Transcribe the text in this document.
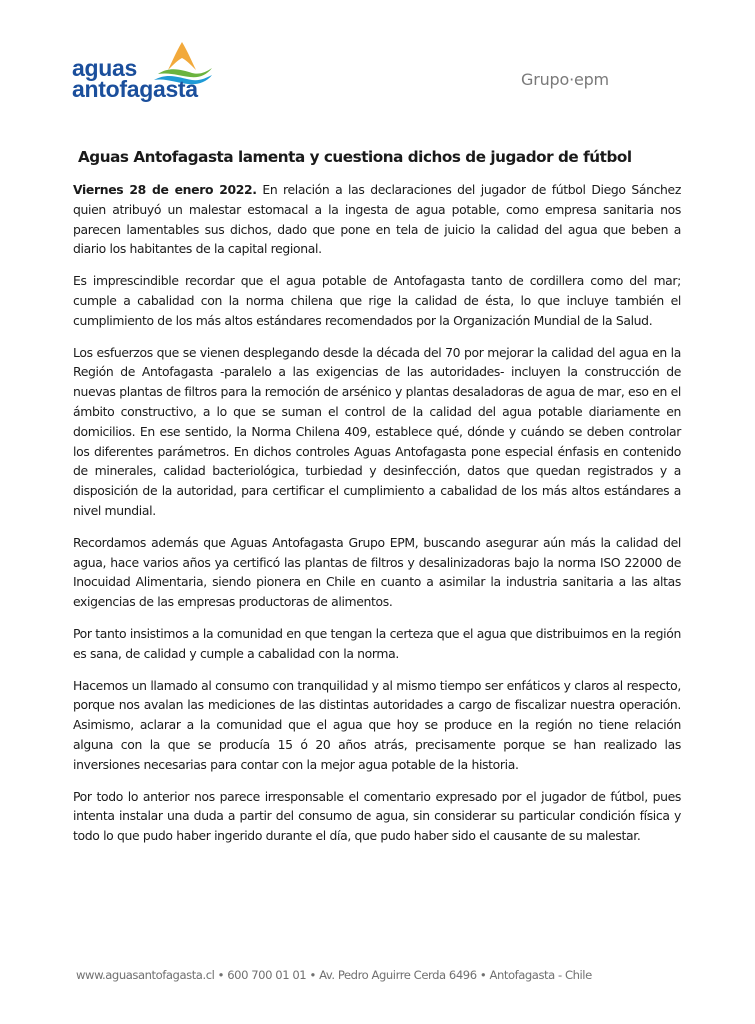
aguas
antofagasta	Grupo·epm
Aguas Antofagasta lamenta y cuestiona dichos de jugador de fútbol

Viernes 28 de enero 2022. En relación a las declaraciones del jugador de fútbol Diego Sánchez quien atribuyó un malestar estomacal a la ingesta de agua potable, como empresa sanitaria nos parecen lamentables sus dichos, dado que pone en tela de juicio la calidad del agua que beben a diario los habitantes de la capital regional.

Es imprescindible recordar que el agua potable de Antofagasta tanto de cordillera como del mar; cumple a cabalidad con la norma chilena que rige la calidad de ésta, lo que incluye también el cumplimiento de los más altos estándares recomendados por la Organización Mundial de la Salud.

Los esfuerzos que se vienen desplegando desde la década del 70 por mejorar la calidad del agua en la Región de Antofagasta -paralelo a las exigencias de las autoridades- incluyen la construcción de nuevas plantas de filtros para la remoción de arsénico y plantas desaladoras de agua de mar, eso en el ámbito constructivo, a lo que se suman el control de la calidad del agua potable diariamente en domicilios. En ese sentido, la Norma Chilena 409, establece qué, dónde y cuándo se deben controlar los diferentes parámetros. En dichos controles Aguas Antofagasta pone especial énfasis en contenido de minerales, calidad bacteriológica, turbiedad y desinfección, datos que quedan registrados y a disposición de la autoridad, para certificar el cumplimiento a cabalidad de los más altos estándares a nivel mundial.

Recordamos además que Aguas Antofagasta Grupo EPM, buscando asegurar aún más la calidad del agua, hace varios años ya certificó las plantas de filtros y desalinizadoras bajo la norma ISO 22000 de Inocuidad Alimentaria, siendo pionera en Chile en cuanto a asimilar la industria sanitaria a las altas exigencias de las empresas productoras de alimentos.

Por tanto insistimos a la comunidad en que tengan la certeza que el agua que distribuimos en la región es sana, de calidad y cumple a cabalidad con la norma.

Hacemos un llamado al consumo con tranquilidad y al mismo tiempo ser enfáticos y claros al respecto, porque nos avalan las mediciones de las distintas autoridades a cargo de fiscalizar nuestra operación. Asimismo, aclarar a la comunidad que el agua que hoy se produce en la región no tiene relación alguna con la que se producía 15 ó 20 años atrás, precisamente porque se han realizado las inversiones necesarias para contar con la mejor agua potable de la historia.

Por todo lo anterior nos parece irresponsable el comentario expresado por el jugador de fútbol, pues intenta instalar una duda a partir del consumo de agua, sin considerar su particular condición física y todo lo que pudo haber ingerido durante el día, que pudo haber sido el causante de su malestar.

www.aguasantofagasta.cl • 600 700 01 01 • Av. Pedro Aguirre Cerda 6496 • Antofagasta - Chile
